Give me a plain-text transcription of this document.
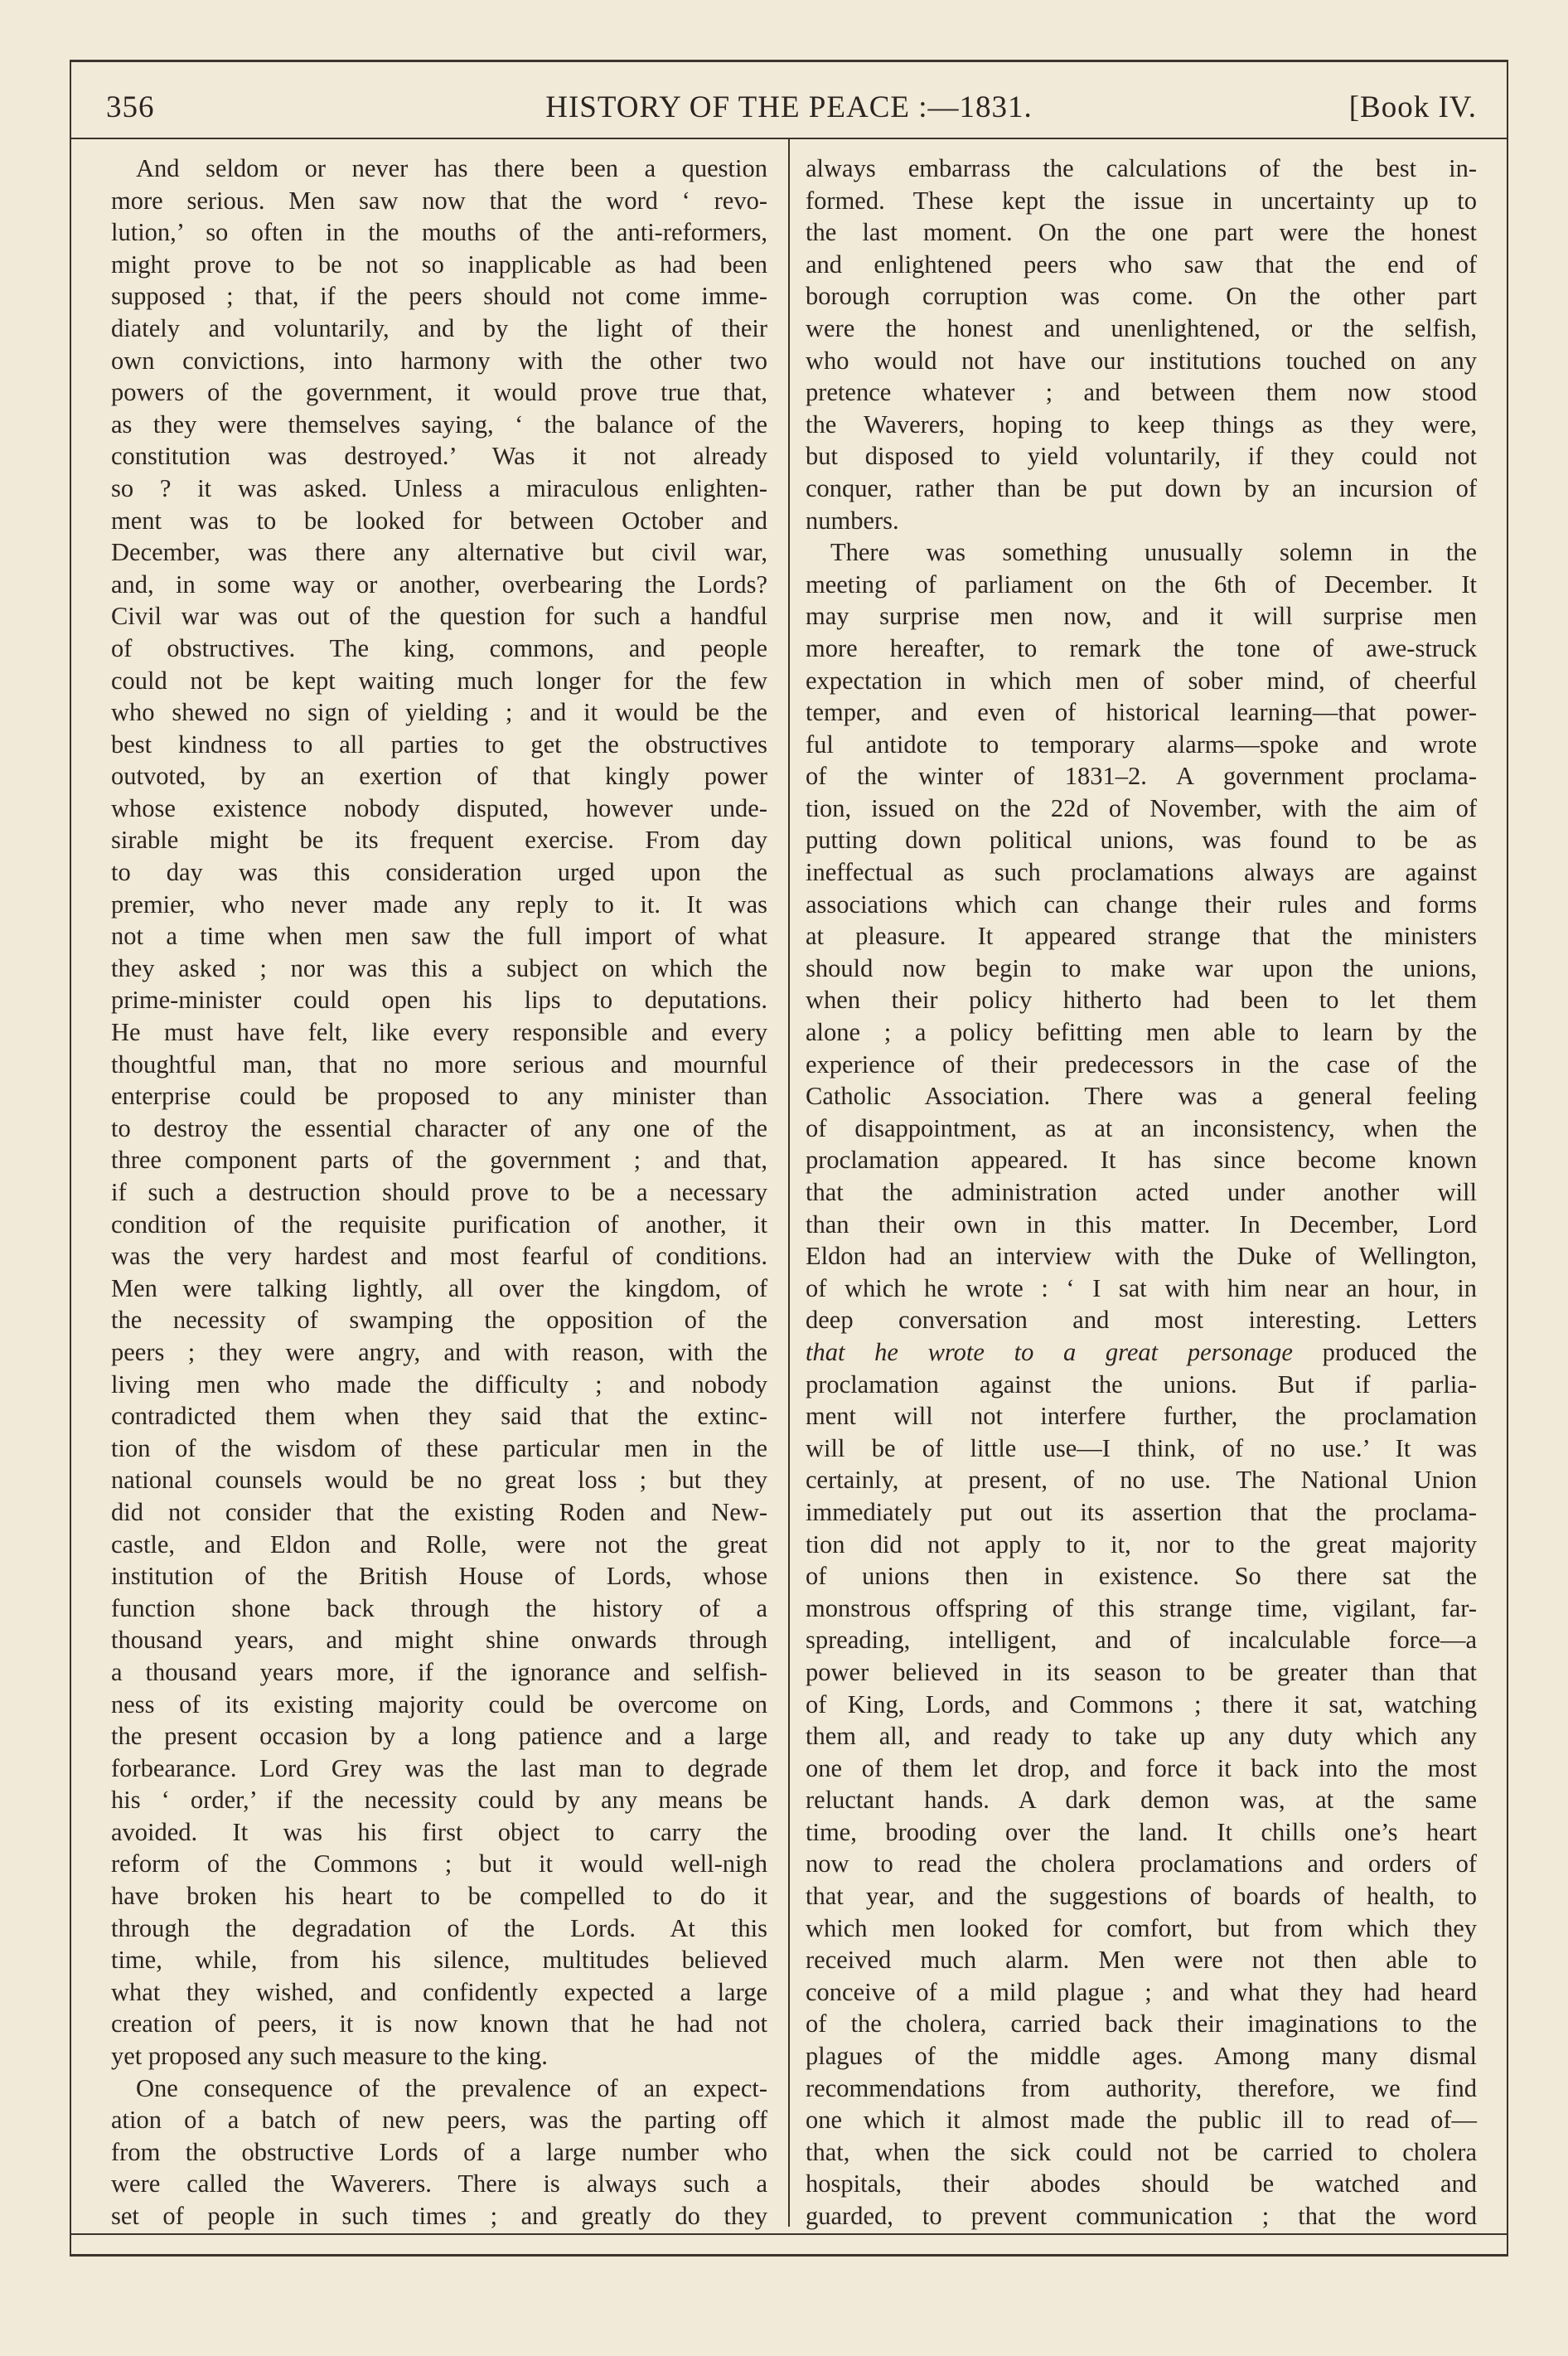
356	HISTORY OF THE PEACE :—1831.	[Book IV.
And seldom or never has there been a question
more serious. Men saw now that the word ‘ revo-
lution,’ so often in the mouths of the anti-reformers,
might prove to be not so inapplicable as had been
supposed ; that, if the peers should not come imme-
diately and voluntarily, and by the light of their
own convictions, into harmony with the other two
powers of the government, it would prove true that,
as they were themselves saying, ‘ the balance of the
constitution was destroyed.’ Was it not already
so ? it was asked. Unless a miraculous enlighten-
ment was to be looked for between October and
December, was there any alternative but civil war,
and, in some way or another, overbearing the Lords?
Civil war was out of the question for such a handful
of obstructives. The king, commons, and people
could not be kept waiting much longer for the few
who shewed no sign of yielding ; and it would be the
best kindness to all parties to get the obstructives
outvoted, by an exertion of that kingly power
whose existence nobody disputed, however unde-
sirable might be its frequent exercise. From day
to day was this consideration urged upon the
premier, who never made any reply to it. It was
not a time when men saw the full import of what
they asked ; nor was this a subject on which the
prime-minister could open his lips to deputations.
He must have felt, like every responsible and every
thoughtful man, that no more serious and mournful
enterprise could be proposed to any minister than
to destroy the essential character of any one of the
three component parts of the government ; and that,
if such a destruction should prove to be a necessary
condition of the requisite purification of another, it
was the very hardest and most fearful of conditions.
Men were talking lightly, all over the kingdom, of
the necessity of swamping the opposition of the
peers ; they were angry, and with reason, with the
living men who made the difficulty ; and nobody
contradicted them when they said that the extinc-
tion of the wisdom of these particular men in the
national counsels would be no great loss ; but they
did not consider that the existing Roden and New-
castle, and Eldon and Rolle, were not the great
institution of the British House of Lords, whose
function shone back through the history of a
thousand years, and might shine onwards through
a thousand years more, if the ignorance and selfish-
ness of its existing majority could be overcome on
the present occasion by a long patience and a large
forbearance. Lord Grey was the last man to degrade
his ‘ order,’ if the necessity could by any means be
avoided. It was his first object to carry the
reform of the Commons ; but it would well-nigh
have broken his heart to be compelled to do it
through the degradation of the Lords. At this
time, while, from his silence, multitudes believed
what they wished, and confidently expected a large
creation of peers, it is now known that he had not
yet proposed any such measure to the king.
One consequence of the prevalence of an expect-
ation of a batch of new peers, was the parting off
from the obstructive Lords of a large number who
were called the Waverers. There is always such a
set of people in such times ; and greatly do they
always embarrass the calculations of the best in-
formed. These kept the issue in uncertainty up to
the last moment. On the one part were the honest
and enlightened peers who saw that the end of
borough corruption was come. On the other part
were the honest and unenlightened, or the selfish,
who would not have our institutions touched on any
pretence whatever ; and between them now stood
the Waverers, hoping to keep things as they were,
but disposed to yield voluntarily, if they could not
conquer, rather than be put down by an incursion of
numbers.
There was something unusually solemn in the
meeting of parliament on the 6th of December. It
may surprise men now, and it will surprise men
more hereafter, to remark the tone of awe-struck
expectation in which men of sober mind, of cheerful
temper, and even of historical learning—that power-
ful antidote to temporary alarms—spoke and wrote
of the winter of 1831–2. A government proclama-
tion, issued on the 22d of November, with the aim of
putting down political unions, was found to be as
ineffectual as such proclamations always are against
associations which can change their rules and forms
at pleasure. It appeared strange that the ministers
should now begin to make war upon the unions,
when their policy hitherto had been to let them
alone ; a policy befitting men able to learn by the
experience of their predecessors in the case of the
Catholic Association. There was a general feeling
of disappointment, as at an inconsistency, when the
proclamation appeared. It has since become known
that the administration acted under another will
than their own in this matter. In December, Lord
Eldon had an interview with the Duke of Wellington,
of which he wrote : ‘ I sat with him near an hour, in
deep conversation and most interesting. Letters
that he wrote to a great personage produced the
proclamation against the unions. But if parlia-
ment will not interfere further, the proclamation
will be of little use—I think, of no use.’ It was
certainly, at present, of no use. The National Union
immediately put out its assertion that the proclama-
tion did not apply to it, nor to the great majority
of unions then in existence. So there sat the
monstrous offspring of this strange time, vigilant, far-
spreading, intelligent, and of incalculable force—a
power believed in its season to be greater than that
of King, Lords, and Commons ; there it sat, watching
them all, and ready to take up any duty which any
one of them let drop, and force it back into the most
reluctant hands. A dark demon was, at the same
time, brooding over the land. It chills one’s heart
now to read the cholera proclamations and orders of
that year, and the suggestions of boards of health, to
which men looked for comfort, but from which they
received much alarm. Men were not then able to
conceive of a mild plague ; and what they had heard
of the cholera, carried back their imaginations to the
plagues of the middle ages. Among many dismal
recommendations from authority, therefore, we find
one which it almost made the public ill to read of—
that, when the sick could not be carried to cholera
hospitals, their abodes should be watched and
guarded, to prevent communication ; that the word
